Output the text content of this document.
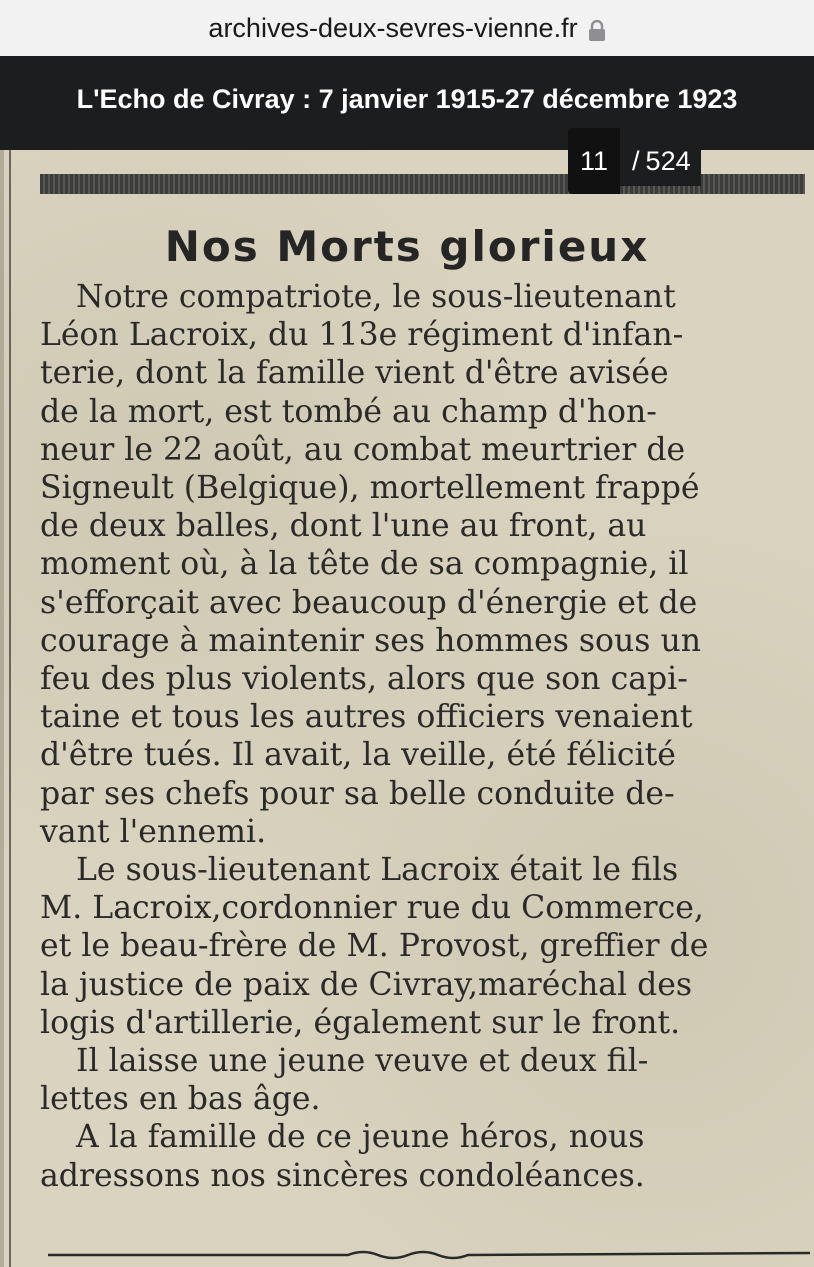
archives-deux-sevres-vienne.fr
L'Echo de Civray : 7 janvier 1915-27 décembre 1923
Nos Morts glorieux
Notre compatriote, le sous-lieutenant
Léon Lacroix, du 113e régiment d'infan-
terie, dont la famille vient d'être avisée
de la mort, est tombé au champ d'hon-
neur le 22 août, au combat meurtrier de
Signeult (Belgique), mortellement frappé
de deux balles, dont l'une au front, au
moment où, à la tête de sa compagnie, il
s'efforçait avec beaucoup d'énergie et de
courage à maintenir ses hommes sous un
feu des plus violents, alors que son capi-
taine et tous les autres officiers venaient
d'être tués. Il avait, la veille, été félicité
par ses chefs pour sa belle conduite de-
vant l'ennemi.
Le sous-lieutenant Lacroix était le fils
M. Lacroix,cordonnier rue du Commerce,
et le beau-frère de M. Provost, greffier de
la justice de paix de Civray,maréchal des
logis d'artillerie, également sur le front.
Il laisse une jeune veuve et deux fil-
lettes en bas âge.
A la famille de ce jeune héros, nous
adressons nos sincères condoléances.
11 / 524
